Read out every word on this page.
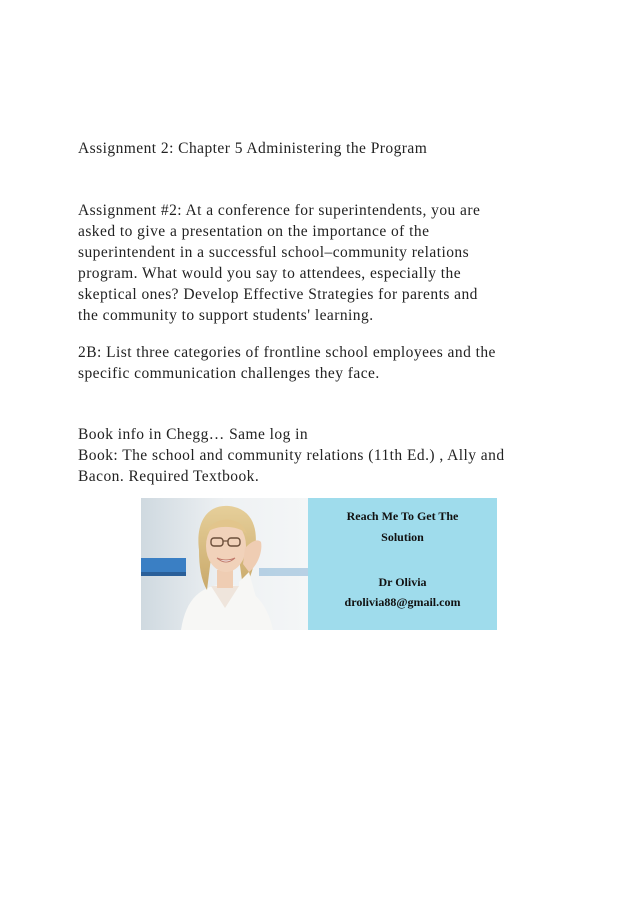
Assignment 2: Chapter 5 Administering the Program
Assignment #2: At a conference for superintendents, you are
asked to give a presentation on the importance of the
superintendent in a successful school–community relations
program. What would you say to attendees, especially the
skeptical ones? Develop Effective Strategies for parents and
the community to support students' learning.
2B: List three categories of frontline school employees and the
specific communication challenges they face.
Book info in Chegg… Same log in
Book: The school and community relations (11th Ed.) , Ally and
Bacon. Required Textbook.
Reach Me To Get The
Solution
Dr Olivia
drolivia88@gmail.com
